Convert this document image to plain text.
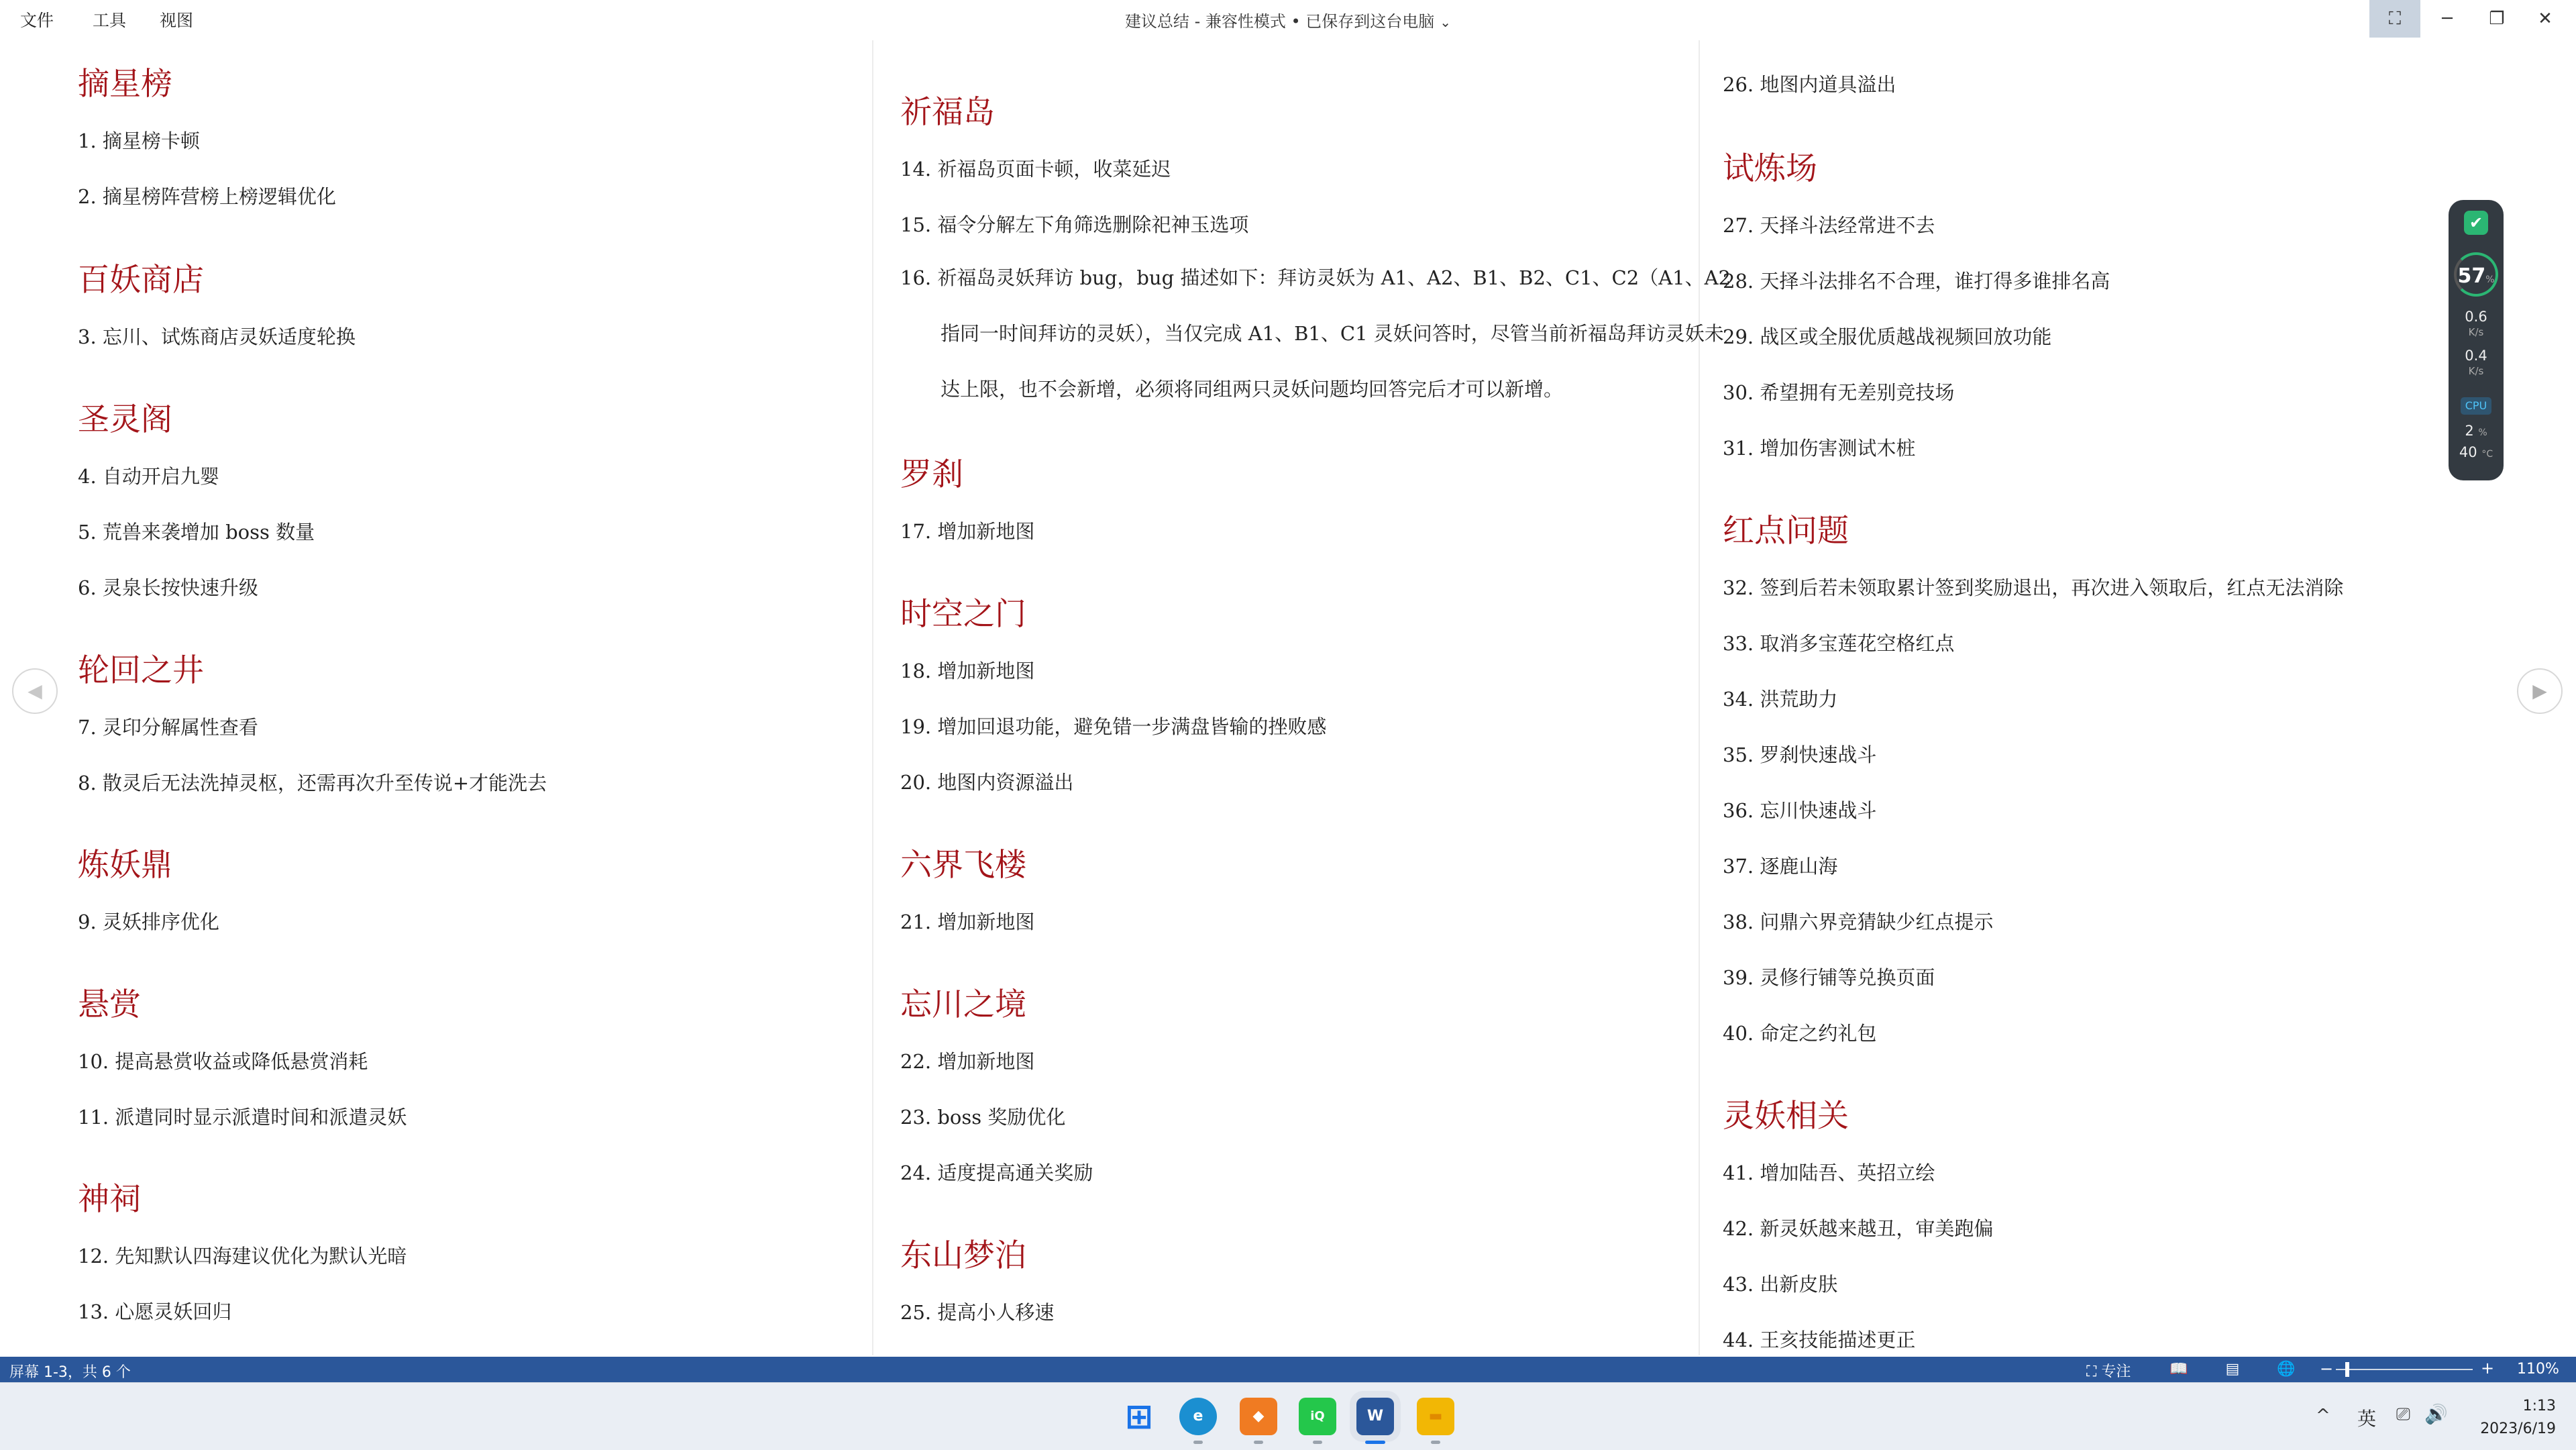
文件 工具 视图	建议总结 - 兼容性模式 • 已保存到这台电脑 ⌄	⛶	─	❐	✕
摘星榜
1. 摘星榜卡顿
2. 摘星榜阵营榜上榜逻辑优化
百妖商店
3. 忘川、试炼商店灵妖适度轮换
圣灵阁
4. 自动开启九婴
5. 荒兽来袭增加 boss 数量
6. 灵泉长按快速升级
轮回之井
7. 灵印分解属性查看
8. 散灵后无法洗掉灵枢，还需再次升至传说+才能洗去
炼妖鼎
9. 灵妖排序优化
悬赏
10. 提高悬赏收益或降低悬赏消耗
11. 派遣同时显示派遣时间和派遣灵妖
神祠
12. 先知默认四海建议优化为默认光暗
13. 心愿灵妖回归
祈福岛
14. 祈福岛页面卡顿，收菜延迟
15. 福令分解左下角筛选删除祀神玉选项
16. 祈福岛灵妖拜访 bug，bug 描述如下：拜访灵妖为 A1、A2、B1、B2、C1、C2（A1、A2 指同一时间拜访的灵妖），当仅完成 A1、B1、C1 灵妖问答时，尽管当前祈福岛拜访灵妖未达上限，也不会新增，必须将同组两只灵妖问题均回答完后才可以新增。
罗刹
17. 增加新地图
时空之门
18. 增加新地图
19. 增加回退功能，避免错一步满盘皆输的挫败感
20. 地图内资源溢出
六界飞楼
21. 增加新地图
忘川之境
22. 增加新地图
23. boss 奖励优化
24. 适度提高通关奖励
东山梦泊
25. 提高小人移速
26. 地图内道具溢出
试炼场
27. 天择斗法经常进不去
28. 天择斗法排名不合理，谁打得多谁排名高
29. 战区或全服优质越战视频回放功能
30. 希望拥有无差别竞技场
31. 增加伤害测试木桩
红点问题
32. 签到后若未领取累计签到奖励退出，再次进入领取后，红点无法消除
33. 取消多宝莲花空格红点
34. 洪荒助力
35. 罗刹快速战斗
36. 忘川快速战斗
37. 逐鹿山海
38. 问鼎六界竞猜缺少红点提示
39. 灵修行铺等兑换页面
40. 命定之约礼包
灵妖相关
41. 增加陆吾、英招立绘
42. 新灵妖越来越丑，审美跑偏
43. 出新皮肤
44. 王亥技能描述更正
◀	▶
✔
57%
0.6
K/s
0.4
K/s
CPU
2 %
40 °C
屏幕 1-3，共 6 个	⛶ 专注	📖	▤	🌐 −	+ 110%
⊞	e	◆	iQ	W	▬	^ 英 ⎚ 🔊	1:13
2023/6/19
